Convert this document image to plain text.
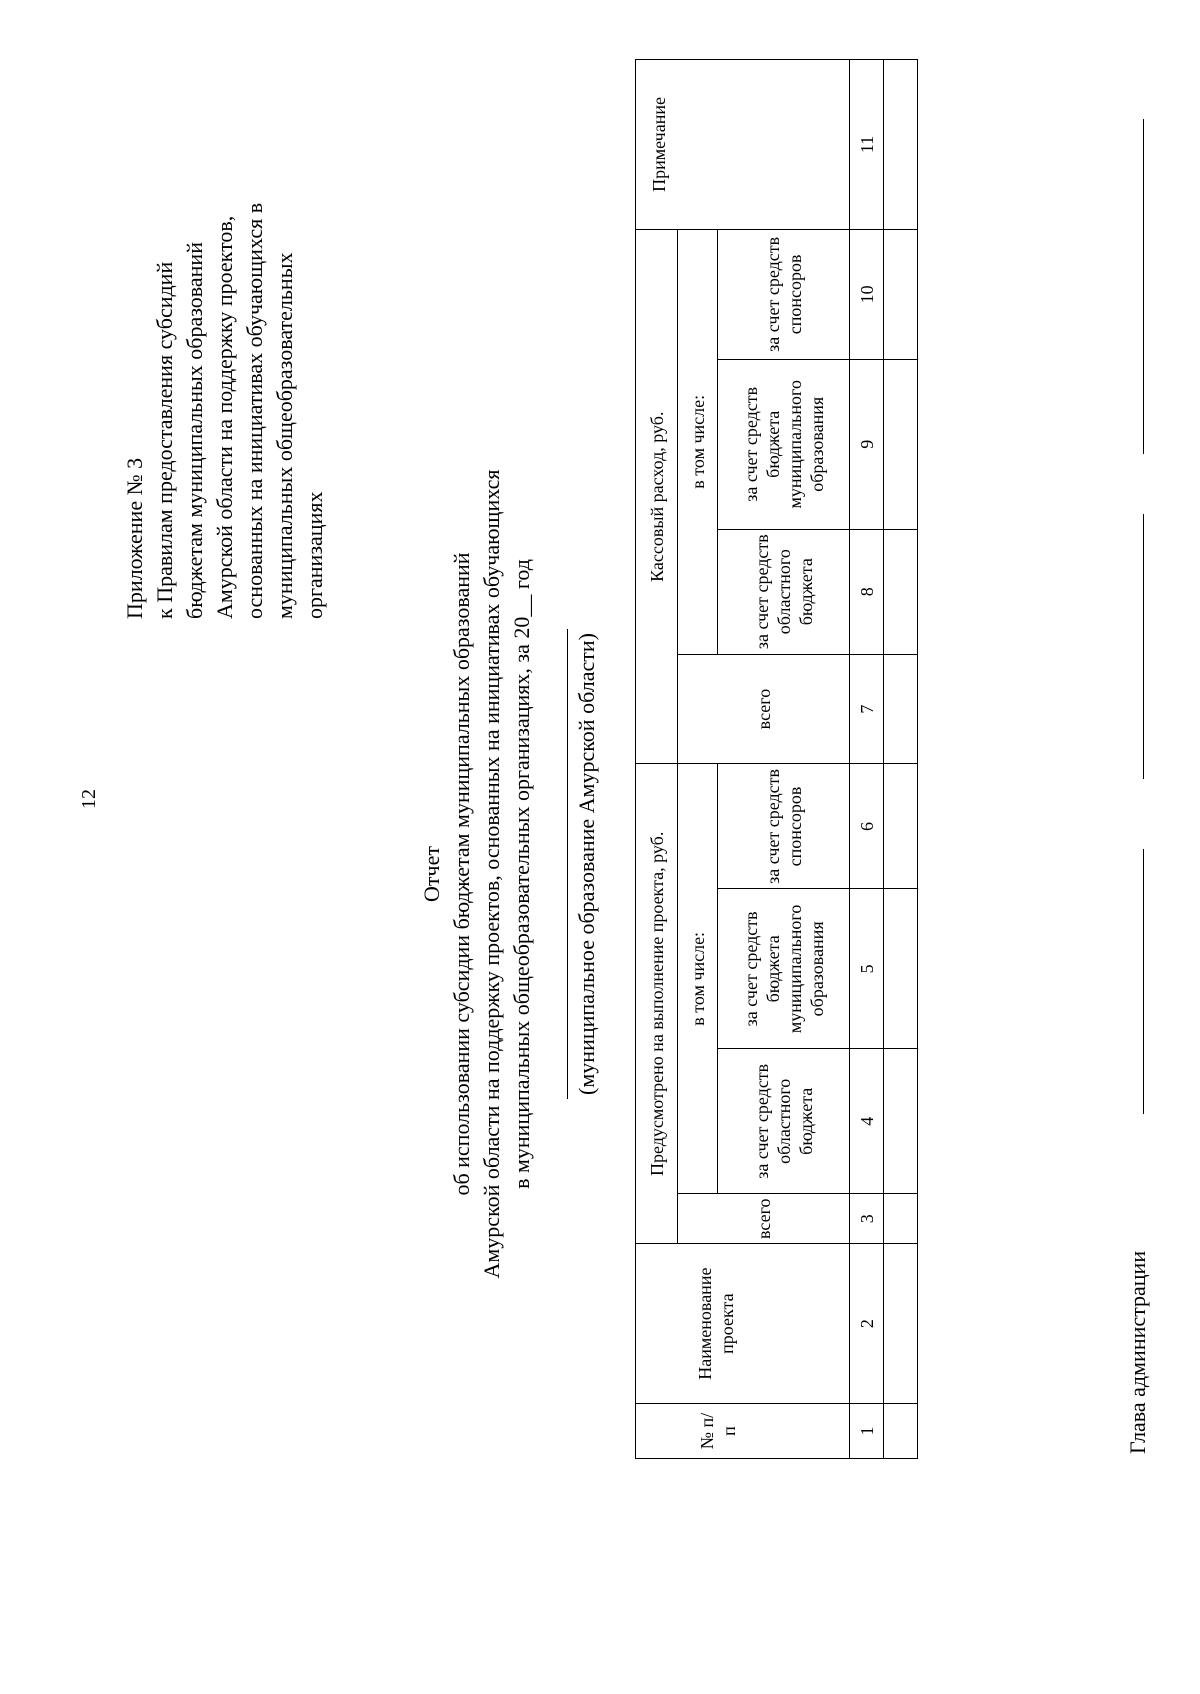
12
Приложение № 3 к Правилам предоставления субсидий бюджетам муниципальных образований Амурской области на поддержку проектов, основанных на инициативах обучающихся в муниципальных общеобразовательных организациях
Отчет об использовании субсидии бюджетам муниципальных образований Амурской области на поддержку проектов, основанных на инициативах обучающихся в муниципальных общеобразовательных организациях, за 20__ год (муниципальное образование Амурской области)
№ п/п	Наименование проекта	Предусмотрено на выполнение проекта, руб.				Кассовый расход, руб.				Примечание
		всего	в том числе:			всего	в том числе:			
			за счет средств областного бюджета	за счет средств бюджета муниципального образования	за счет средств спонсоров		за счет средств областного бюджета	за счет средств бюджета муниципального образования	за счет средств спонсоров	
1	2	3	4	5	6	7	8	9	10	11

Глава администрации
